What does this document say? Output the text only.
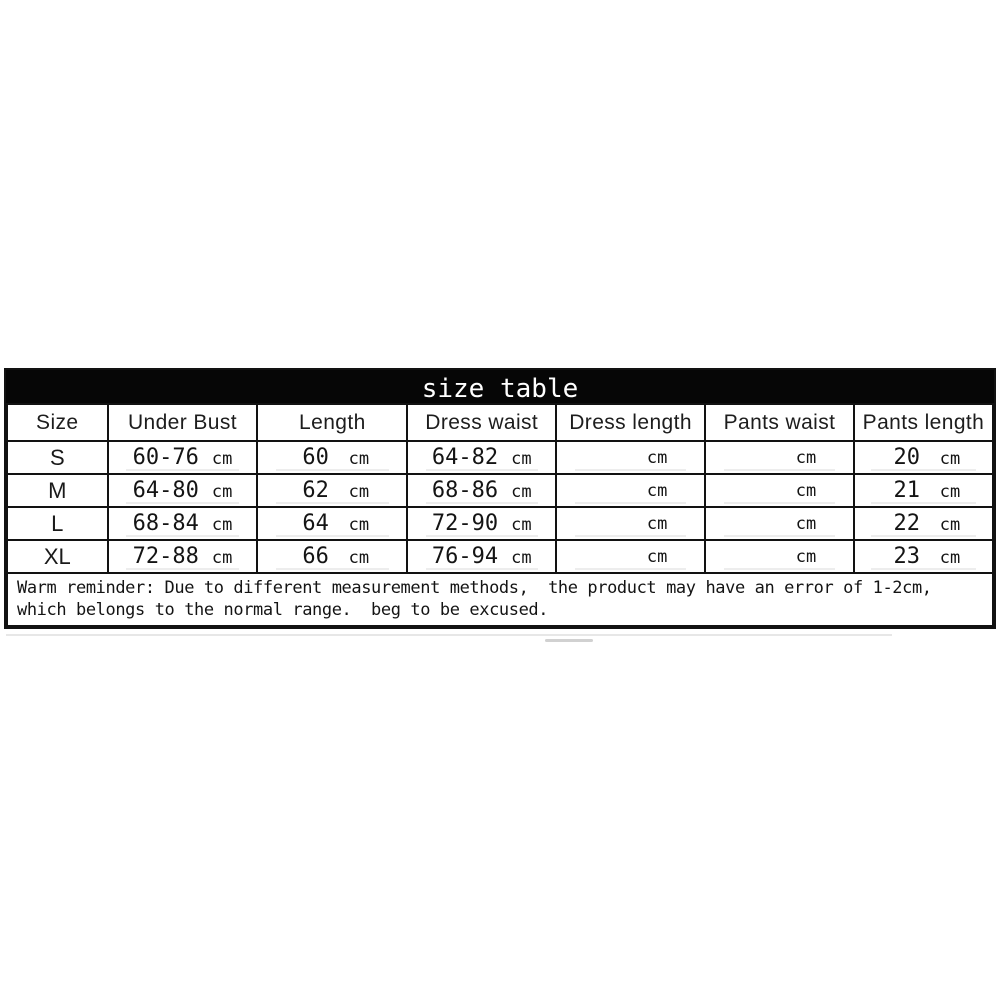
size table
Size	Under Bust	Length	Dress waist	Dress length	Pants waist	Pants length
S	60-76 cm	60 cm	64-82 cm	cm	cm	20 cm

M	64-80 cm	62 cm	68-86 cm	cm	cm	21 cm

L	68-84 cm	64 cm	72-90 cm	cm	cm	22 cm

XL	72-88 cm	66 cm	76-94 cm	cm	cm	23 cm

Warm reminder: Due to different measurement methods,  the product may have an error of 1-2cm,
which belongs to the normal range.  beg to be excused.						
